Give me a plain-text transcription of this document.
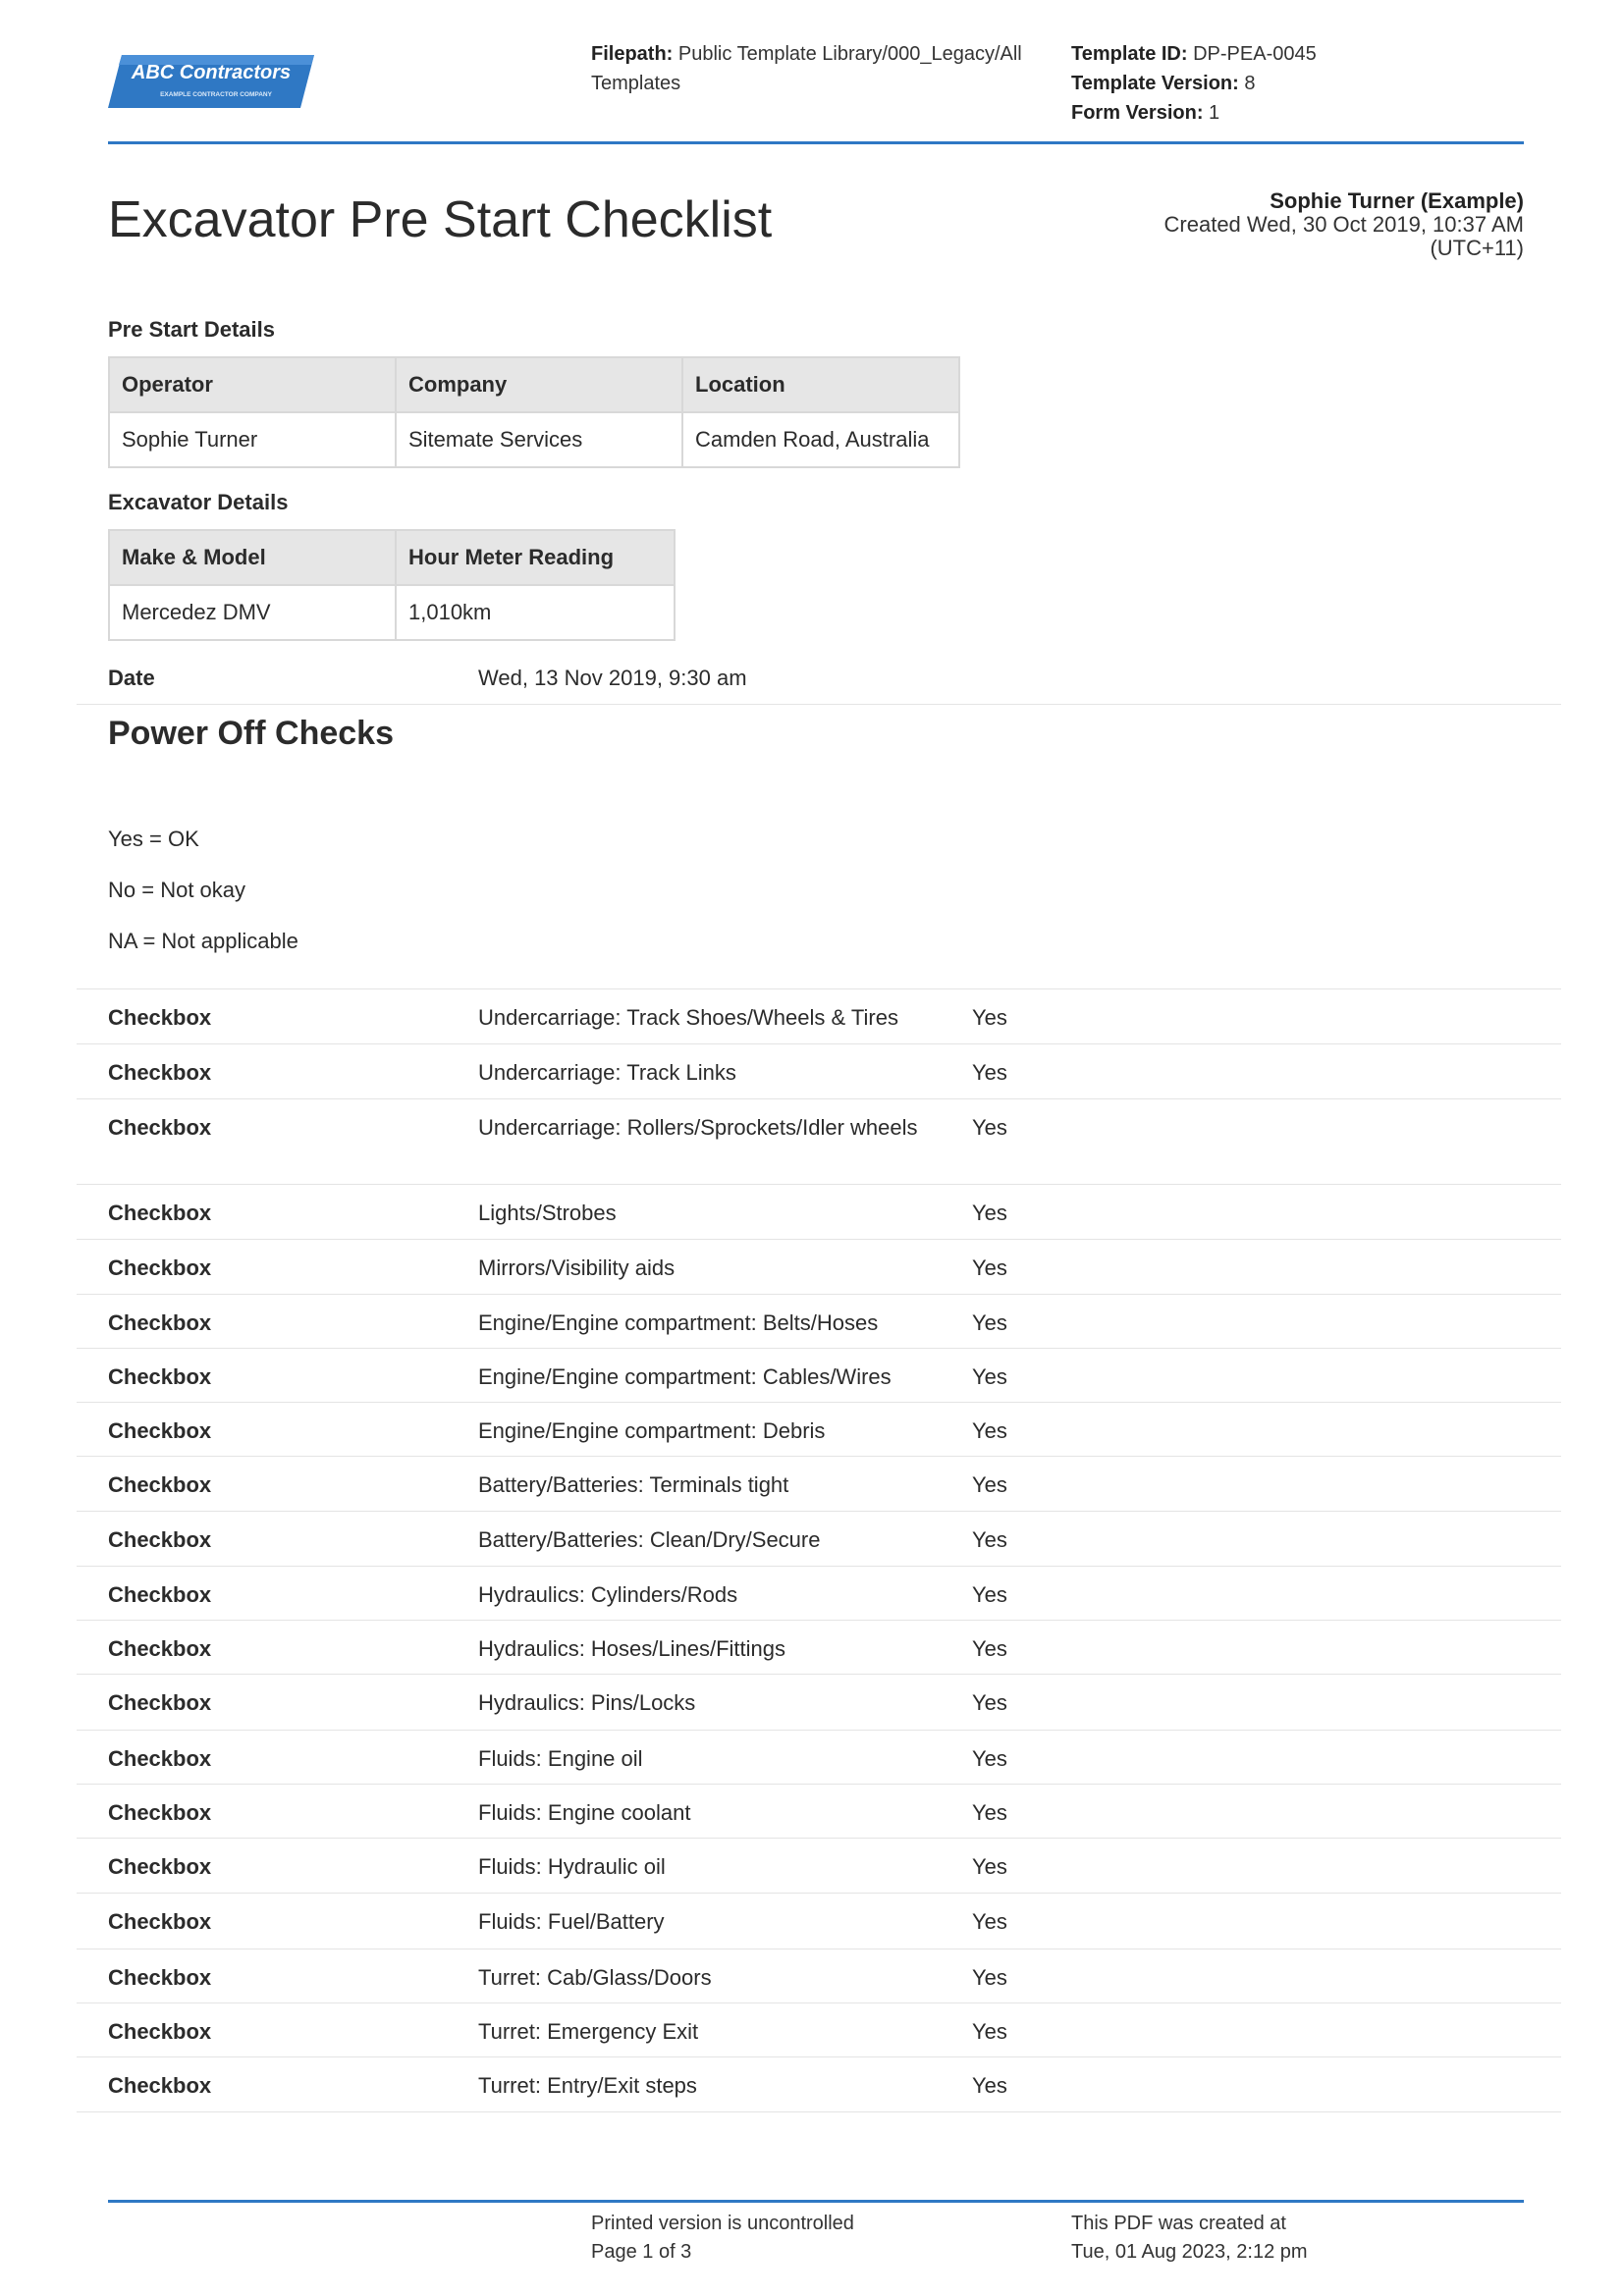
ABC Contractors
EXAMPLE CONTRACTOR COMPANY
Filepath: Public Template Library/000_Legacy/All
Templates
Template ID: DP-PEA-0045
Template Version: 8
Form Version: 1
Excavator Pre Start Checklist	Sophie Turner (Example)
Created Wed, 30 Oct 2019, 10:37 AM
(UTC+11)
Pre Start Details
Operator	Company	Location
Sophie Turner	Sitemate Services	Camden Road, Australia
Excavator Details
Make & Model	Hour Meter Reading
Mercedez DMV	1,010km
Date	Wed, 13 Nov 2019, 9:30 am
Power Off Checks
Yes = OK
No = Not okay
NA = Not applicable
Checkbox	Undercarriage: Track Shoes/Wheels & Tires	Yes
Checkbox	Undercarriage: Track Links	Yes
Checkbox	Undercarriage: Rollers/Sprockets/Idler wheels	Yes
Checkbox	Lights/Strobes	Yes
Checkbox	Mirrors/Visibility aids	Yes
Checkbox	Engine/Engine compartment: Belts/Hoses	Yes
Checkbox	Engine/Engine compartment: Cables/Wires	Yes
Checkbox	Engine/Engine compartment: Debris	Yes
Checkbox	Battery/Batteries: Terminals tight	Yes
Checkbox	Battery/Batteries: Clean/Dry/Secure	Yes
Checkbox	Hydraulics: Cylinders/Rods	Yes
Checkbox	Hydraulics: Hoses/Lines/Fittings	Yes
Checkbox	Hydraulics: Pins/Locks	Yes
Checkbox	Fluids: Engine oil	Yes
Checkbox	Fluids: Engine coolant	Yes
Checkbox	Fluids: Hydraulic oil	Yes
Checkbox	Fluids: Fuel/Battery	Yes
Checkbox	Turret: Cab/Glass/Doors	Yes
Checkbox	Turret: Emergency Exit	Yes
Checkbox	Turret: Entry/Exit steps	Yes
Printed version is uncontrolled
Page 1 of 3
This PDF was created at
Tue, 01 Aug 2023, 2:12 pm
